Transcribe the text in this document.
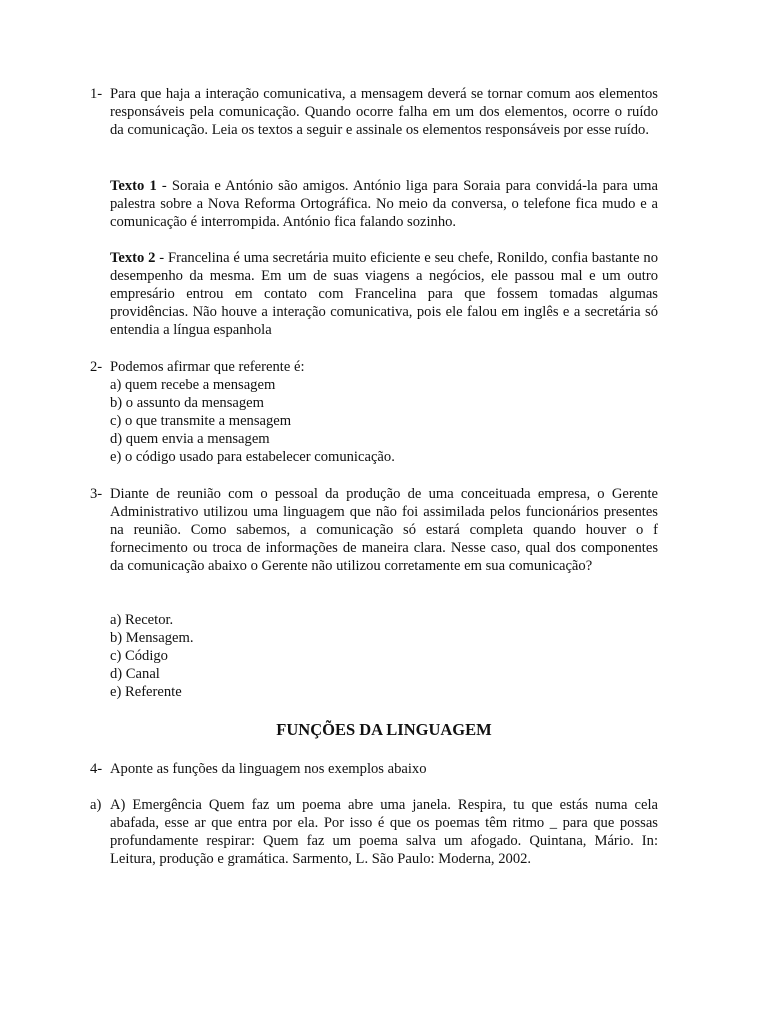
1- Para que haja a interação comunicativa, a mensagem deverá se tornar comum aos elementos responsáveis pela comunicação. Quando ocorre falha em um dos elementos, ocorre o ruído da comunicação. Leia os textos a seguir e assinale os elementos responsáveis por esse ruído.
Texto 1 - Soraia e António são amigos. António liga para Soraia para convidá-la para uma palestra sobre a Nova Reforma Ortográfica. No meio da conversa, o telefone fica mudo e a comunicação é interrompida. António fica falando sozinho.
Texto 2 - Francelina é uma secretária muito eficiente e seu chefe, Ronildo, confia bastante no desempenho da mesma. Em um de suas viagens a negócios, ele passou mal e um outro empresário entrou em contato com Francelina para que fossem tomadas algumas providências. Não houve a interação comunicativa, pois ele falou em inglês e a secretária só entendia a língua espanhola
2- Podemos afirmar que referente é:
a) quem recebe a mensagem
b) o assunto da mensagem
c) o que transmite a mensagem
d) quem envia a mensagem
e) o código usado para estabelecer comunicação.
3- Diante de reunião com o pessoal da produção de uma conceituada empresa, o Gerente Administrativo utilizou uma linguagem que não foi assimilada pelos funcionários presentes na reunião. Como sabemos, a comunicação só estará completa quando houver o f fornecimento ou troca de informações de maneira clara. Nesse caso, qual dos componentes da comunicação abaixo o Gerente não utilizou corretamente em sua comunicação?
a) Recetor.
b) Mensagem.
c) Código
d) Canal
e) Referente
FUNÇÕES DA LINGUAGEM
4- Aponte as funções da linguagem nos exemplos abaixo
a) A) Emergência Quem faz um poema abre uma janela. Respira, tu que estás numa cela abafada, esse ar que entra por ela. Por isso é que os poemas têm ritmo _ para que possas profundamente respirar: Quem faz um poema salva um afogado. Quintana, Mário. In: Leitura, produção e gramática. Sarmento, L. São Paulo: Moderna, 2002.
